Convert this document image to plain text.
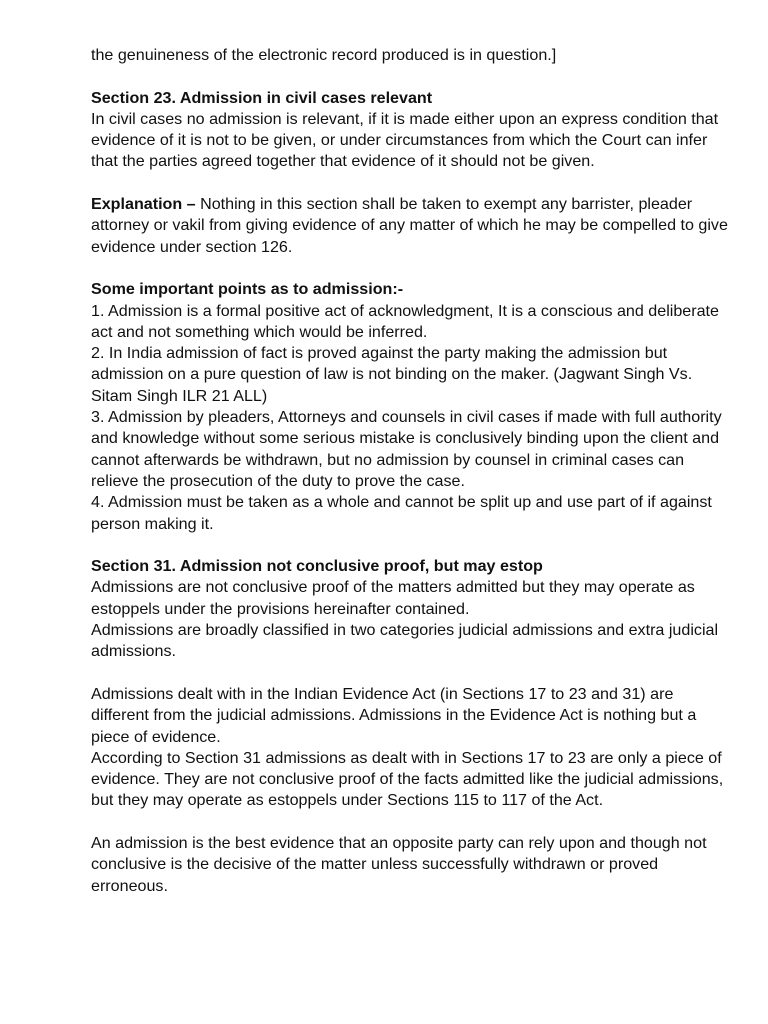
the genuineness of the electronic record produced is in question.]

Section 23. Admission in civil cases relevant

In civil cases no admission is relevant, if it is made either upon an express condition that evidence of it is not to be given, or under circumstances from which the Court can infer that the parties agreed together that evidence of it should not be given.

Explanation – Nothing in this section shall be taken to exempt any barrister, pleader attorney or vakil from giving evidence of any matter of which he may be compelled to give evidence under section 126.

Some important points as to admission:-

1. Admission is a formal positive act of acknowledgment, It is a conscious and deliberate act and not something which would be inferred.

2. In India admission of fact is proved against the party making the admission but admission on a pure question of law is not binding on the maker. (Jagwant Singh Vs. Sitam Singh ILR 21 ALL)

3. Admission by pleaders, Attorneys and counsels in civil cases if made with full authority and knowledge without some serious mistake is conclusively binding upon the client and cannot afterwards be withdrawn, but no admission by counsel in criminal cases can relieve the prosecution of the duty to prove the case.

4. Admission must be taken as a whole and cannot be split up and use part of if against person making it.

Section 31. Admission not conclusive proof, but may estop

Admissions are not conclusive proof of the matters admitted but they may operate as estoppels under the provisions hereinafter contained.

Admissions are broadly classified in two categories judicial admissions and extra judicial admissions.

Admissions dealt with in the Indian Evidence Act (in Sections 17 to 23 and 31) are different from the judicial admissions. Admissions in the Evidence Act is nothing but a piece of evidence.

According to Section 31 admissions as dealt with in Sections 17 to 23 are only a piece of evidence. They are not conclusive proof of the facts admitted like the judicial admissions, but they may operate as estoppels under Sections 115 to 117 of the Act.

An admission is the best evidence that an opposite party can rely upon and though not conclusive is the decisive of the matter unless successfully withdrawn or proved erroneous.
